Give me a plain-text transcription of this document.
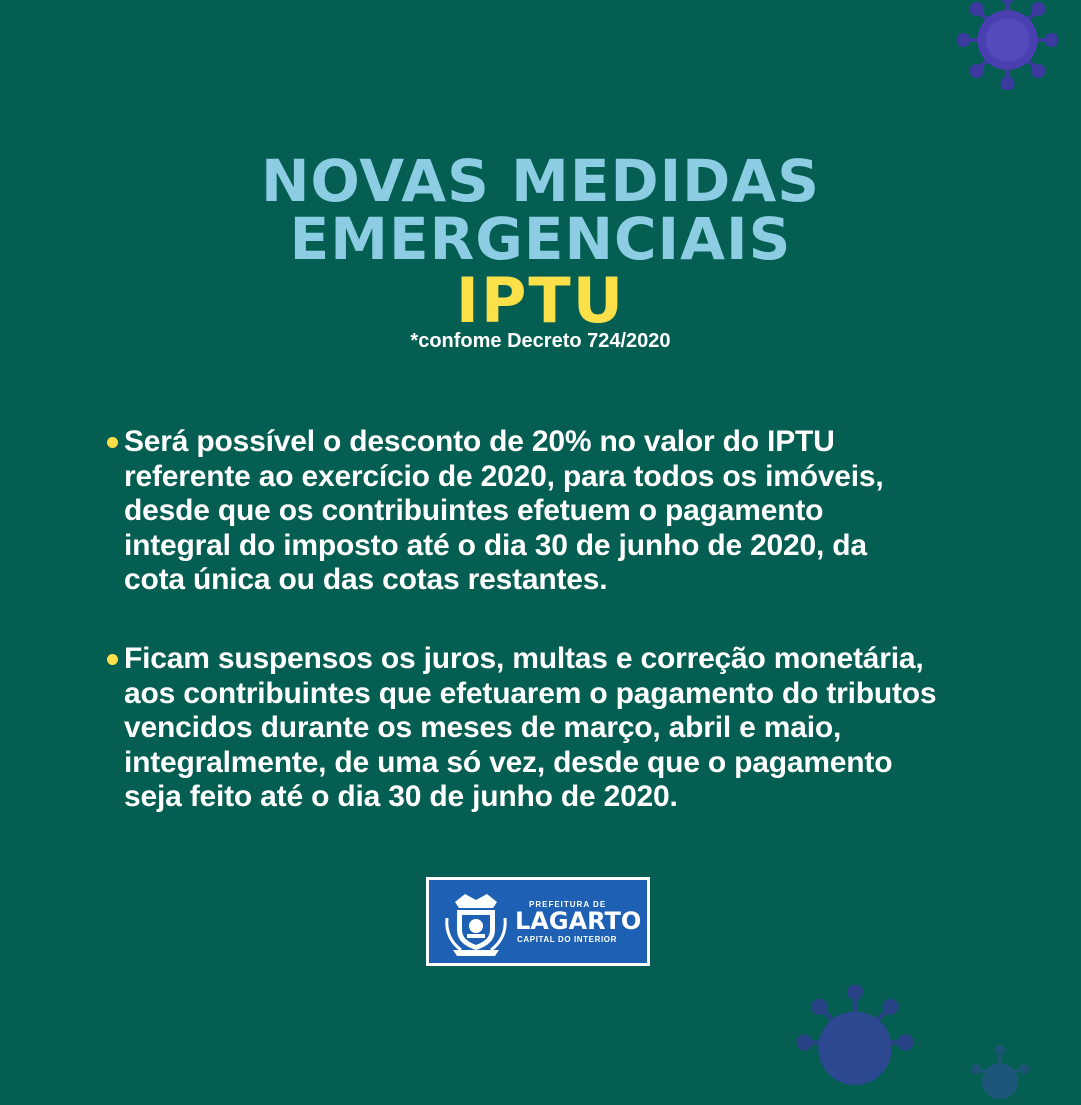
NOVAS MEDIDAS
EMERGENCIAIS
IPTU
*confome Decreto 724/2020
Será possível o desconto de 20% no valor do IPTU
referente ao exercício de 2020, para todos os imóveis,
desde que os contribuintes efetuem o pagamento
integral do imposto até o dia 30 de junho de 2020, da
cota única ou das cotas restantes.
Ficam suspensos os juros, multas e correção monetária,
aos contribuintes que efetuarem o pagamento do tributos
vencidos durante os meses de março, abril e maio,
integralmente, de uma só vez, desde que o pagamento
seja feito até o dia 30 de junho de 2020.
PREFEITURA DE
LAGARTO
CAPITAL DO INTERIOR
